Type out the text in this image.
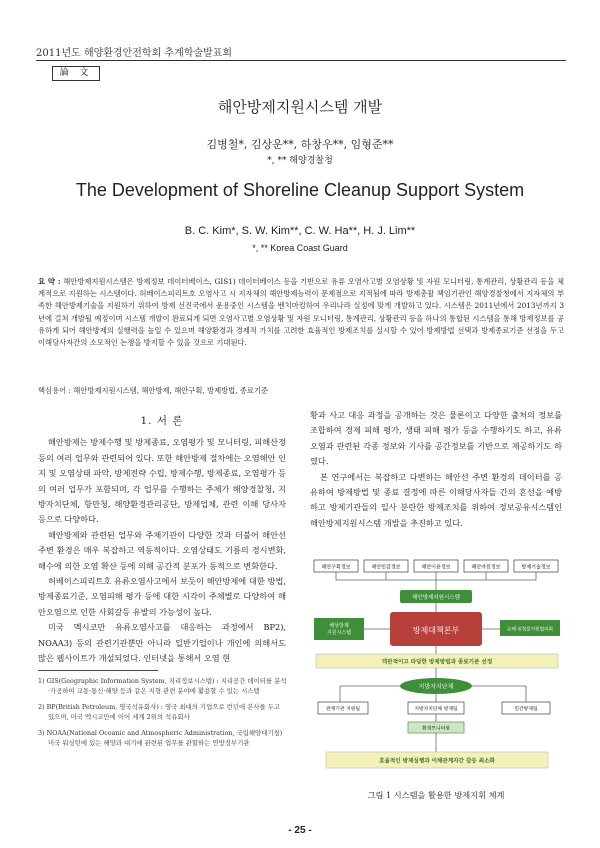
2011년도 해양환경안전학회 추계학술발표회
論 文
해안방제지원시스템 개발
김병철*, 김상운**, 하창우**, 임형준**
*, ** 해양경찰청
The Development of Shoreline Cleanup Support System
B. C. Kim*, S. W. Kim**, C. W. Ha**, H. J. Lim**
*, ** Korea Coast Guard
요 약 : 해안방제지원시스템은 방제정보 데이터베이스, GIS1) 데이터베이스 등을 기반으로 유류 오염사고별 오염상황 및 자원 모니터링, 통계관리, 상황관리 등을 체계적으로 지원하는 시스템이다. 허베이스피리트호 오염사고 시 지자체의 해안방제능력이 문제점으로 지적됨에 따라 방제총괄 책임기관인 해양경찰청에서 지자체의 부족한 해안방제기술을 지원하기 위하여 방제 선진국에서 운용중인 시스템을 벤치마킹하여 우리나라 실정에 맞게 개발하고 있다. 시스템은 2011년에서 2013년까지 3년에 걸쳐 개발될 예정이며 시스템 개발이 완료되게 되면 오염사고별 오염상황 및 자원 모니터링, 통계관리, 상황관리 등을 하나의 통합된 시스템을 통해 방제정보를 공유하게 되어 해안방제의 실행력을 높일 수 있으며 해양환경과 경제적 가치를 고려한 효율적인 방제조치를 실시할 수 있어 방제방법 선택과 방제종료기준 선정을 두고 이해당사자간의 소모적인 논쟁을 방지할 수 있을 것으로 기대된다.
핵심용어 : 해안방제지원시스템, 해안방제, 해안구획, 방제방법, 종료기준
1. 서 론

해안방제는 방제수행 및 방제종료, 오염평가 및 모니터링, 피해산정 등의 여러 업무와 관련되어 있다. 또한 해안방제 절차에는 오염해안 인지 및 오염상태 파악, 방제전략 수립, 방제수행, 방제종료, 오염평가 등의 여러 업무가 포함되며, 각 업무를 수행하는 주체가 해양경찰청, 지방자치단체, 항만청, 해양환경관리공단, 방제업체, 관련 이해 당사자 등으로 다양하다.

해안방제와 관련된 업무와 주체기관이 다양한 것과 더불어 해안선 주변 환경은 매우 복잡하고 역동적이다. 오염상태도 기름의 경시변화, 해수에 의한 오염 확산 등에 의해 공간적 분포가 동적으로 변화한다.

허베이스피리트호 유류오염사고에서 보듯이 해안방제에 대한 방법, 방제종료기준, 오염피해 평가 등에 대한 시각이 주체별로 다양하여 해안오염으로 인한 사회갈등 유발의 가능성이 높다.

미국 멕시코만 유류오염사고를 대응하는 과정에서 BP2), NOAA3) 등의 관련기관뿐만 아니라 일반기업이나 개인에 의해서도 많은 웹사이트가 개설되었다. 인터넷을 통해서 오염 현

황과 사고 대응 과정을 공개하는 것은 물론이고 다양한 출처의 정보를 조합하여 경제 피해 평가, 생태 피해 평가 등을 수행하기도 하고, 유류오염과 관련된 각종 정보와 기사를 공간정보를 기반으로 제공하기도 하였다.

본 연구에서는 복잡하고 다변하는 해안선 주변 환경의 데이터를 공유하여 방제방법 및 종료 결정에 따른 이해당사자들 간의 혼선을 예방하고 방제기관들의 일사 분란한 방제조치를 위하여 정보공유시스템인 해안방제지원시스템 개발을 추진하고 있다.

1) GIS(Geographic Information System, 지리정보시스템) : 지리공간 데이터를 분석·가공하여 교통·통신·해양 등과 같은 지형 관련 분야에 활용할 수 있는 시스템
2) BP(British Petroleum, 영국석유회사) : 영국 최대의 기업으로 런던에 본사를 두고 있으며, 미국 멕시코만에 이어 세계 2위의 석유회사
3) NOAA(National Oceanic and Atmospheric Administration, 국립해양대기청) 미국 워싱턴에 있는 해양과 대기에 관련된 업무를 관할하는 연방정부기관
해안구획정보	해안민감정보	해안이용정보	해안자원정보	방제기술정보
해안방제지원시스템
해상방제
지원시스템	방제대책본부	유해·위험물지원협의회
객관적이고 타당한 방제방법과 종료기준 선정
지방자치단체
관계기관 지원팀	지방자치단체 방제팀	민간방제팀
환경모니터링
효율적인 방제실행과 이해관계자간 갈등 최소화
그림 1 시스템을 활용한 방제지휘 체계
- 25 -
